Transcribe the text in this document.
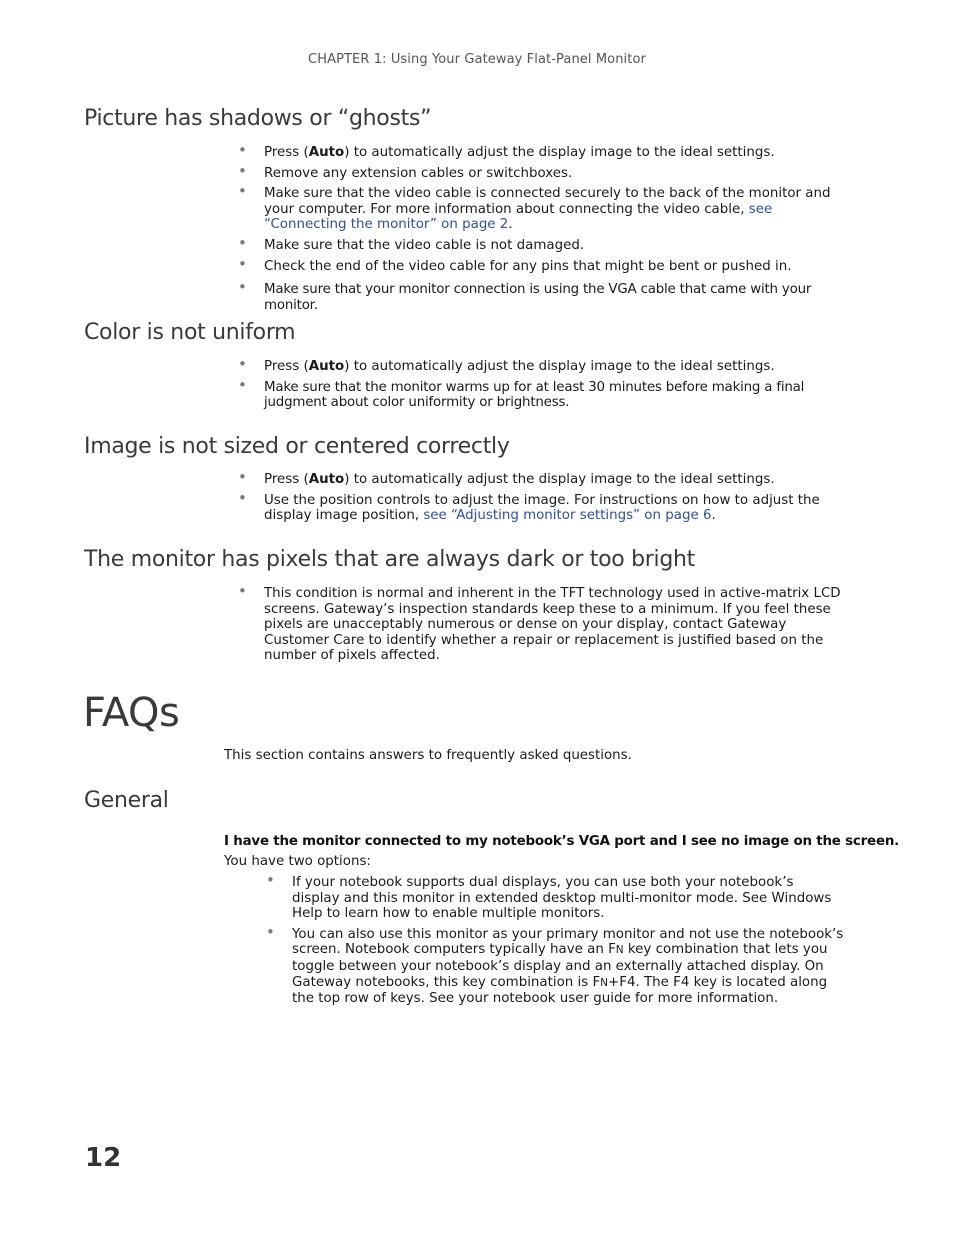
CHAPTER 1: Using Your Gateway Flat-Panel Monitor
Picture has shadows or “ghosts”
• Press (Auto) to automatically adjust the display image to the ideal settings.
• Remove any extension cables or switchboxes.
• Make sure that the video cable is connected securely to the back of the monitor and your computer. For more information about connecting the video cable, see “Connecting the monitor” on page 2.
• Make sure that the video cable is not damaged.
• Check the end of the video cable for any pins that might be bent or pushed in.
• Make sure that your monitor connection is using the VGA cable that came with your monitor.
Color is not uniform
• Press (Auto) to automatically adjust the display image to the ideal settings.
• Make sure that the monitor warms up for at least 30 minutes before making a final judgment about color uniformity or brightness.
Image is not sized or centered correctly
• Press (Auto) to automatically adjust the display image to the ideal settings.
• Use the position controls to adjust the image. For instructions on how to adjust the display image position, see “Adjusting monitor settings” on page 6.
The monitor has pixels that are always dark or too bright
• This condition is normal and inherent in the TFT technology used in active-matrix LCD screens. Gateway’s inspection standards keep these to a minimum. If you feel these pixels are unacceptably numerous or dense on your display, contact Gateway Customer Care to identify whether a repair or replacement is justified based on the number of pixels affected.
FAQs
This section contains answers to frequently asked questions.
General
I have the monitor connected to my notebook’s VGA port and I see no image on the screen.
You have two options:
• If your notebook supports dual displays, you can use both your notebook’s display and this monitor in extended desktop multi-monitor mode. See Windows Help to learn how to enable multiple monitors.
• You can also use this monitor as your primary monitor and not use the notebook’s screen. Notebook computers typically have an FN key combination that lets you toggle between your notebook’s display and an externally attached display. On Gateway notebooks, this key combination is FN+F4. The F4 key is located along the top row of keys. See your notebook user guide for more information.
12
